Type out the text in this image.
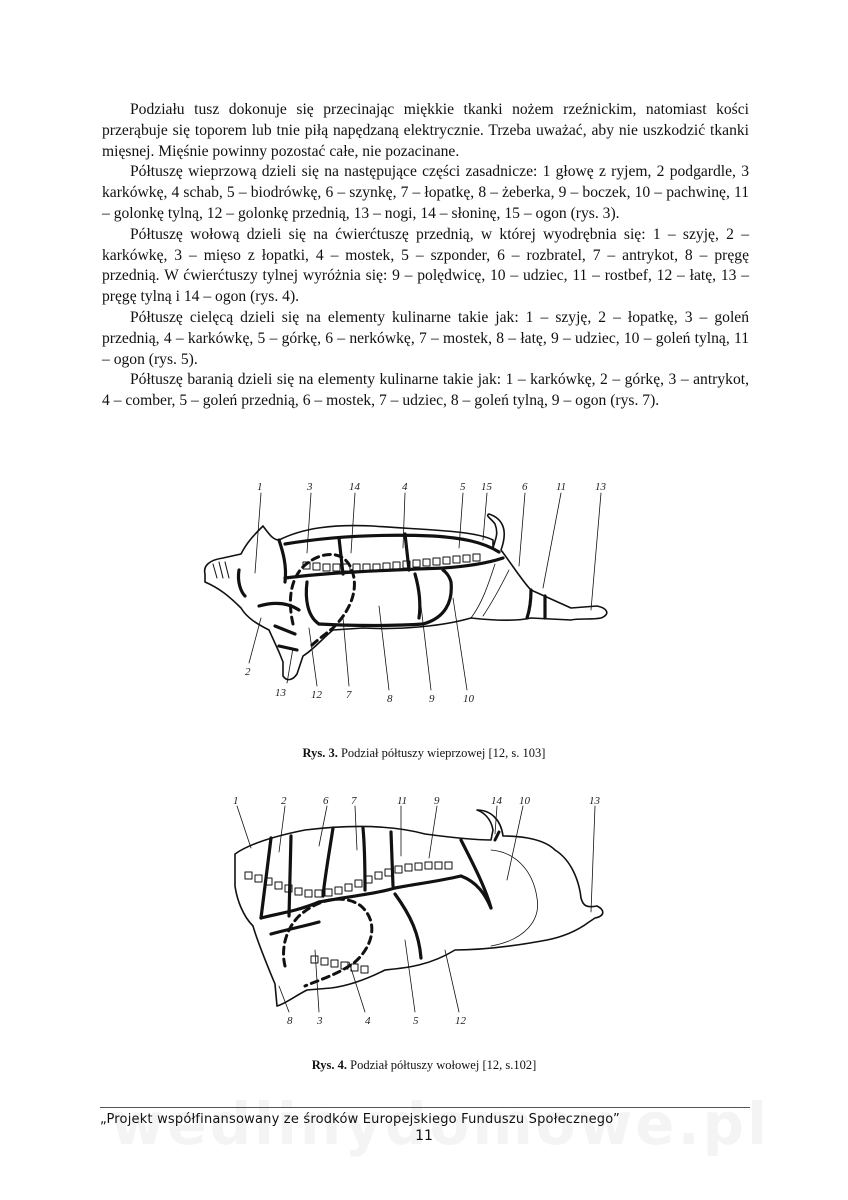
Podziału tusz dokonuje się przecinając miękkie tkanki nożem rzeźnickim, natomiast kości przerąbuje się toporem lub tnie piłą napędzaną elektrycznie. Trzeba uważać, aby nie uszkodzić tkanki mięsnej. Mięśnie powinny pozostać całe, nie pozacinane.

Półtuszę wieprzową dzieli się na następujące części zasadnicze: 1 głowę z ryjem, 2 podgardle, 3 karkówkę, 4 schab, 5 – biodrówkę, 6 – szynkę, 7 – łopatkę, 8 – żeberka, 9 – boczek, 10 – pachwinę, 11 – golonkę tylną, 12 – golonkę przednią, 13 – nogi, 14 – słoninę, 15 – ogon (rys. 3).

Półtuszę wołową dzieli się na ćwierćtuszę przednią, w której wyodrębnia się: 1 – szyję, 2 – karkówkę, 3 – mięso z łopatki, 4 – mostek, 5 – szponder, 6 – rozbratel, 7 – antrykot, 8 – pręgę przednią. W ćwierćtuszy tylnej wyróżnia się: 9 – polędwicę, 10 – udziec, 11 – rostbef, 12 – łatę, 13 – pręgę tylną i 14 – ogon (rys. 4).

Półtuszę cielęcą dzieli się na elementy kulinarne takie jak: 1 – szyję, 2 – łopatkę, 3 – goleń przednią, 4 – karkówkę, 5 – górkę, 6 – nerkówkę, 7 – mostek, 8 – łatę, 9 – udziec, 10 – goleń tylną, 11 – ogon (rys. 5).

Półtuszę baranią dzieli się na elementy kulinarne takie jak: 1 – karkówkę, 2 – górkę, 3 – antrykot, 4 – comber, 5 – goleń przednią, 6 – mostek, 7 – udziec, 8 – goleń tylną, 9 – ogon (rys. 7).

1	3	14	4	5 15	6	11	13
2
13 12 7	8	9	10
Rys. 3. Podział półtuszy wieprzowej [12, s. 103]
1	2	6 7	11 9	14 10	13
8 3	4	5	12
Rys. 4. Podział półtuszy wołowej [12, s.102]
„Projekt współfinansowany ze środków Europejskiego Funduszu Społecznego”
11
